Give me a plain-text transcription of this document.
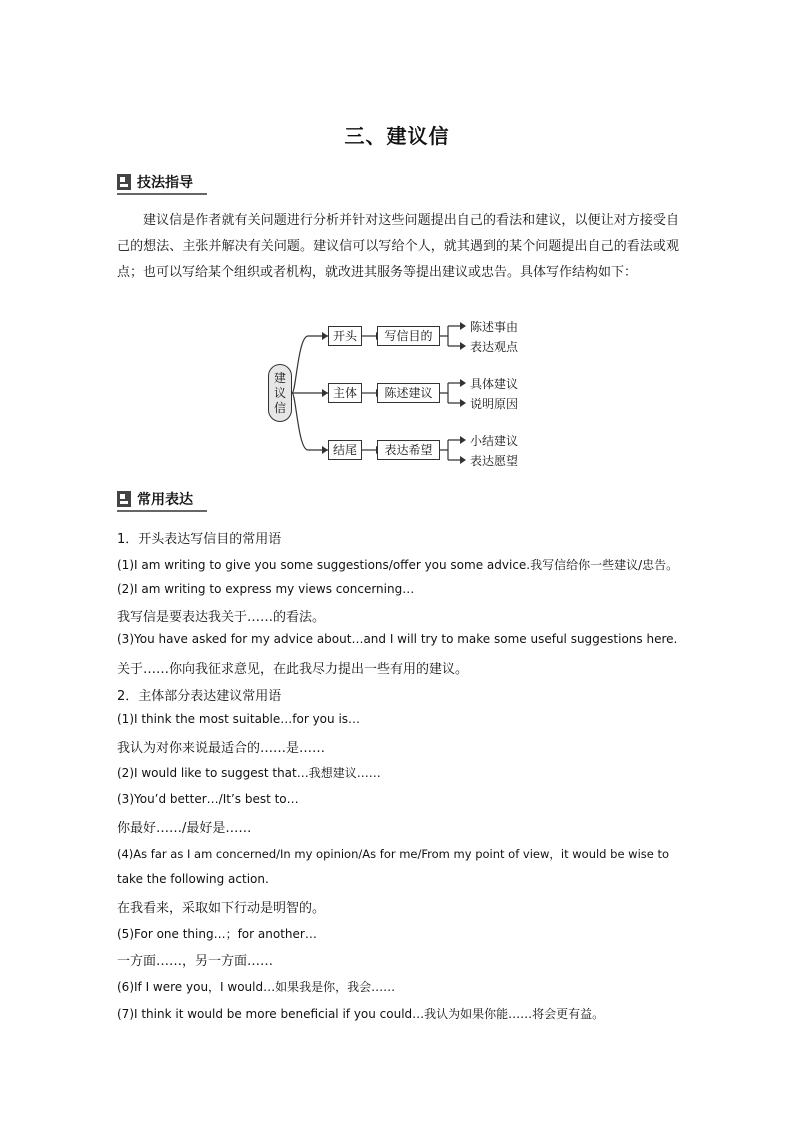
三、建议信
技法指导
建议信是作者就有关问题进行分析并针对这些问题提出自己的看法和建议，以便让对方接受自己的想法、主张并解决有关问题。建议信可以写给个人，就其遇到的某个问题提出自己的看法或观点；也可以写给某个组织或者机构，就改进其服务等提出建议或忠告。具体写作结构如下：
建议信
开头
主体
结尾
写信目的
陈述建议
表达希望
陈述事由
表达观点
具体建议
说明原因
小结建议
表达愿望
常用表达
1．开头表达写信目的常用语
(1)I am writing to give you some suggestions/offer you some advice.我写信给你一些建议/忠告。
(2)I am writing to express my views concerning…
我写信是要表达我关于……的看法。
(3)You have asked for my advice about…and I will try to make some useful suggestions here.
关于……你向我征求意见，在此我尽力提出一些有用的建议。
2．主体部分表达建议常用语
(1)I think the most suitable…for you is…
我认为对你来说最适合的……是……
(2)I would like to suggest that…我想建议……
(3)You’d better…/It’s best to…
你最好……/最好是……
(4)As far as I am concerned/In my opinion/As for me/From my point of view，it would be wise to
take the following action.
在我看来，采取如下行动是明智的。
(5)For one thing…；for another…
一方面……，另一方面……
(6)If I were you，I would…如果我是你，我会……
(7)I think it would be more beneficial if you could…我认为如果你能……将会更有益。
